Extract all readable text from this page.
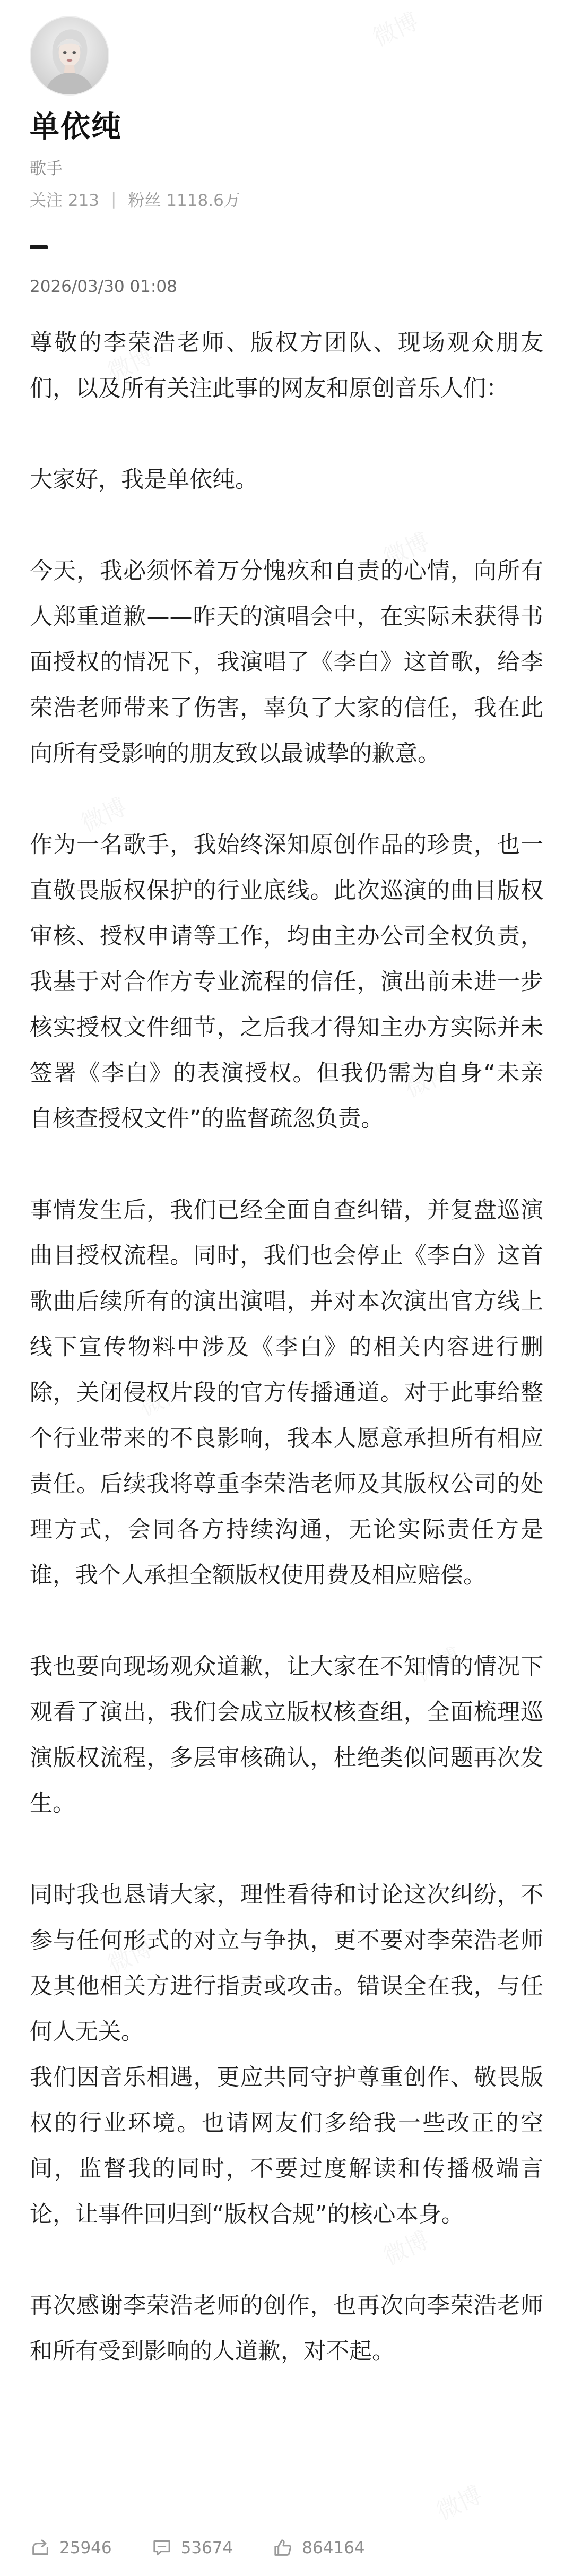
单依纯
歌手
关注 213 | 粉丝 1118.6万
2026/03/30 01:08

尊敬的李荣浩老师、版权方团队、现场观众朋友们，以及所有关注此事的网友和原创音乐人们：

大家好，我是单依纯。

今天，我必须怀着万分愧疚和自责的心情，向所有人郑重道歉——昨天的演唱会中，在实际未获得书面授权的情况下，我演唱了《李白》这首歌，给李荣浩老师带来了伤害，辜负了大家的信任，我在此向所有受影响的朋友致以最诚挚的歉意。

作为一名歌手，我始终深知原创作品的珍贵，也一直敬畏版权保护的行业底线。此次巡演的曲目版权审核、授权申请等工作，均由主办公司全权负责，我基于对合作方专业流程的信任，演出前未进一步核实授权文件细节，之后我才得知主办方实际并未签署《李白》的表演授权。但我仍需为自身“未亲自核查授权文件”的监督疏忽负责。

事情发生后，我们已经全面自查纠错，并复盘巡演曲目授权流程。同时，我们也会停止《李白》这首歌曲后续所有的演出演唱，并对本次演出官方线上线下宣传物料中涉及《李白》的相关内容进行删除，关闭侵权片段的官方传播通道。对于此事给整个行业带来的不良影响，我本人愿意承担所有相应责任。后续我将尊重李荣浩老师及其版权公司的处理方式，会同各方持续沟通，无论实际责任方是谁，我个人承担全额版权使用费及相应赔偿。

我也要向现场观众道歉，让大家在不知情的情况下观看了演出，我们会成立版权核查组，全面梳理巡演版权流程，多层审核确认，杜绝类似问题再次发生。

同时我也恳请大家，理性看待和讨论这次纠纷，不参与任何形式的对立与争执，更不要对李荣浩老师及其他相关方进行指责或攻击。错误全在我，与任何人无关。

我们因音乐相遇，更应共同守护尊重创作、敬畏版权的行业环境。也请网友们多给我一些改正的空间，监督我的同时，不要过度解读和传播极端言论，让事件回归到“版权合规”的核心本身。

再次感谢李荣浩老师的创作，也再次向李荣浩老师和所有受到影响的人道歉，对不起。

25946	53674	864164
